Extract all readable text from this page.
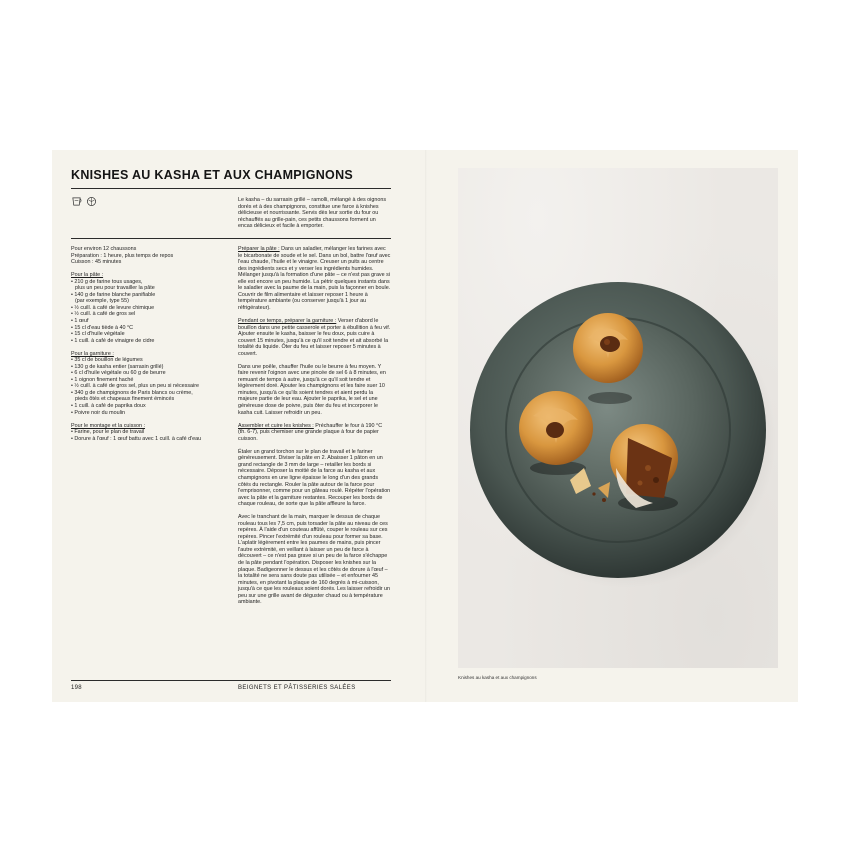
KNISHES AU KASHA ET AUX CHAMPIGNONS

Le kasha – du sarrasin grillé – ramolli, mélangé à des oignons dorés et à des champignons, constitue une farce à knishes délicieuse et nourrissante. Servis dès leur sortie du four ou réchauffés au grille-pain, ces petits chaussons forment un encas délicieux et facile à emporter.

Pour environ 12 chaussons

Préparation : 1 heure, plus temps de repos

Cuisson : 45 minutes

Pour la pâte :

• 210 g de farine tous usages,

plus un peu pour travailler la pâte

• 140 g de farine blanche panifiable

(par exemple, type 55)

• ½ cuill. à café de levure chimique

• ½ cuill. à café de gros sel

• 1 œuf

• 15 cl d'eau tiède à 40 °C

• 15 cl d'huile végétale

• 1 cuill. à café de vinaigre de cidre

Pour la garniture :

• 35 cl de bouillon de légumes

• 130 g de kasha entier (sarrasin grillé)

• 6 cl d'huile végétale ou 60 g de beurre

• 1 oignon finement haché

• ½ cuill. à café de gros sel, plus un peu si nécessaire

• 340 g de champignons de Paris blancs ou crème,

pieds ôtés et chapeaux finement émincés

• 1 cuill. à café de paprika doux

• Poivre noir du moulin

Pour le montage et la cuisson :

• Farine, pour le plan de travail

• Dorure à l'œuf : 1 œuf battu avec 1 cuill. à café d'eau

Préparer la pâte : Dans un saladier, mélanger les farines avec le bicarbonate de soude et le sel. Dans un bol, battre l'œuf avec l'eau chaude, l'huile et le vinaigre. Creuser un puits au centre des ingrédients secs et y verser les ingrédients humides. Mélanger jusqu'à la formation d'une pâte – ce n'est pas grave si elle est encore un peu humide. La pétrir quelques instants dans le saladier avec la paume de la main, puis la façonner en boule. Couvrir de film alimentaire et laisser reposer 1 heure à température ambiante (ou conserver jusqu'à 1 jour au réfrigérateur).

Pendant ce temps, préparer la garniture : Verser d'abord le bouillon dans une petite casserole et porter à ébullition à feu vif. Ajouter ensuite le kasha, baisser le feu doux, puis cuire à couvert 15 minutes, jusqu'à ce qu'il soit tendre et ait absorbé la totalité du liquide. Ôter du feu et laisser reposer 5 minutes à couvert.

Dans une poêle, chauffer l'huile ou le beurre à feu moyen. Y faire revenir l'oignon avec une pincée de sel 6 à 8 minutes, en remuant de temps à autre, jusqu'à ce qu'il soit tendre et légèrement doré. Ajouter les champignons et les faire suer 10 minutes, jusqu'à ce qu'ils soient tendres et aient perdu la majeure partie de leur eau. Ajouter le paprika, le sel et une généreuse dose de poivre, puis ôter du feu et incorporer le kasha cuit. Laisser refroidir un peu.

Assembler et cuire les knishes : Préchauffer le four à 190 °C (th. 6-7), puis chemiser une grande plaque à four de papier cuisson.

Étaler un grand torchon sur le plan de travail et le fariner généreusement. Diviser la pâte en 2. Abaisser 1 pâton en un grand rectangle de 3 mm de large – retailler les bords si nécessaire. Déposer la moitié de la farce au kasha et aux champignons en une ligne épaisse le long d'un des grands côtés du rectangle. Rouler la pâte autour de la farce pour l'emprisonner, comme pour un gâteau roulé. Répéter l'opération avec la pâte et la garniture restantes. Recouper les bords de chaque rouleau, de sorte que la pâte affleure la farce.

Avec le tranchant de la main, marquer le dessus de chaque rouleau tous les 7,5 cm, puis torsader la pâte au niveau de ces repères. À l'aide d'un couteau affûté, couper le rouleau sur ces repères. Pincer l'extrémité d'un rouleau pour former sa base. L'aplatir légèrement entre les paumes de mains, puis pincer l'autre extrémité, en veillant à laisser un peu de farce à découvert – ce n'est pas grave si un peu de la farce s'échappe de la pâte pendant l'opération. Disposer les knishes sur la plaque. Badigeonner le dessus et les côtés de dorure à l'œuf – la totalité ne sera sans doute pas utilisée – et enfourner 45 minutes, en pivotant la plaque de 160 degrés à mi-cuisson, jusqu'à ce que les rouleaux soient dorés. Les laisser refroidir un peu sur une grille avant de déguster chaud ou à température ambiante.

198	BEIGNETS ET PÂTISSERIES SALÉES
Knishes au kasha et aux champignons
